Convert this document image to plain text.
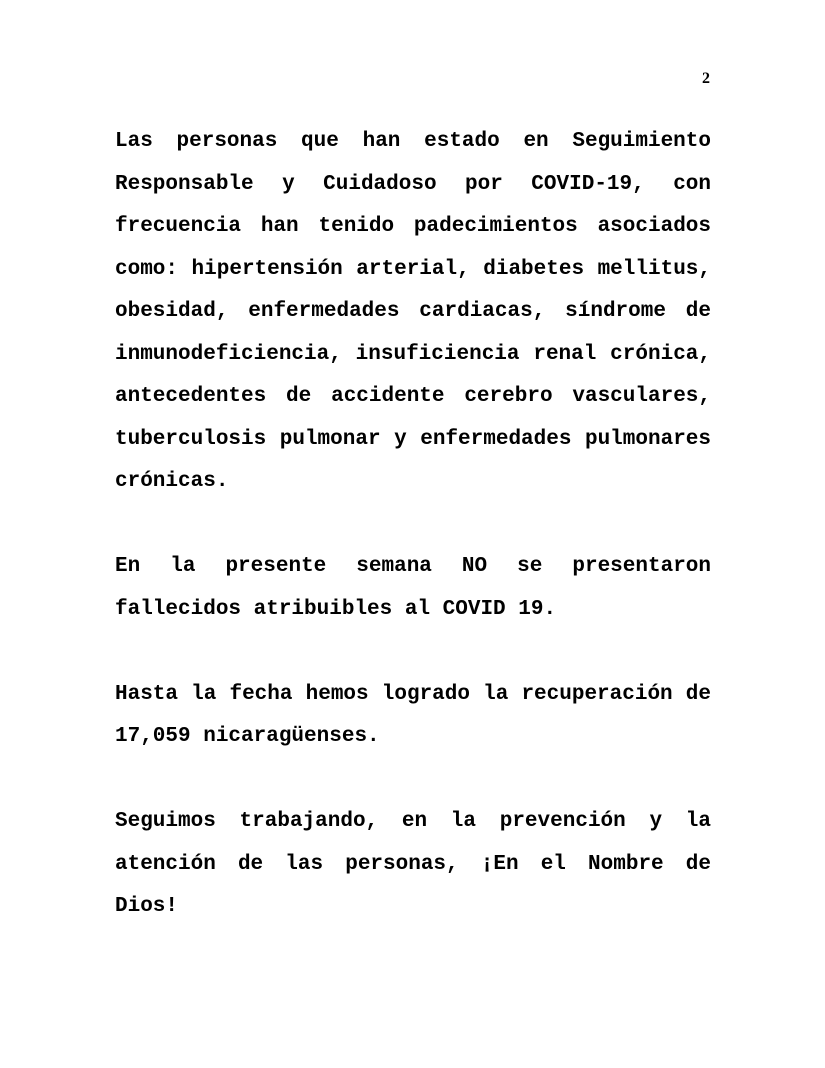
2

Las personas que han estado en Seguimiento Responsable y Cuidadoso por COVID-19, con frecuencia han tenido padecimientos asociados como: hipertensión arterial, diabetes mellitus, obesidad, enfermedades cardiacas, síndrome de inmunodeficiencia, insuficiencia renal crónica, antecedentes de accidente cerebro vasculares, tuberculosis pulmonar y enfermedades pulmonares crónicas.

En la presente semana NO se presentaron fallecidos atribuibles al COVID 19.

Hasta la fecha hemos logrado la recuperación de 17,059 nicaragüenses.

Seguimos trabajando, en la prevención y la atención de las personas, ¡En el Nombre de Dios!
